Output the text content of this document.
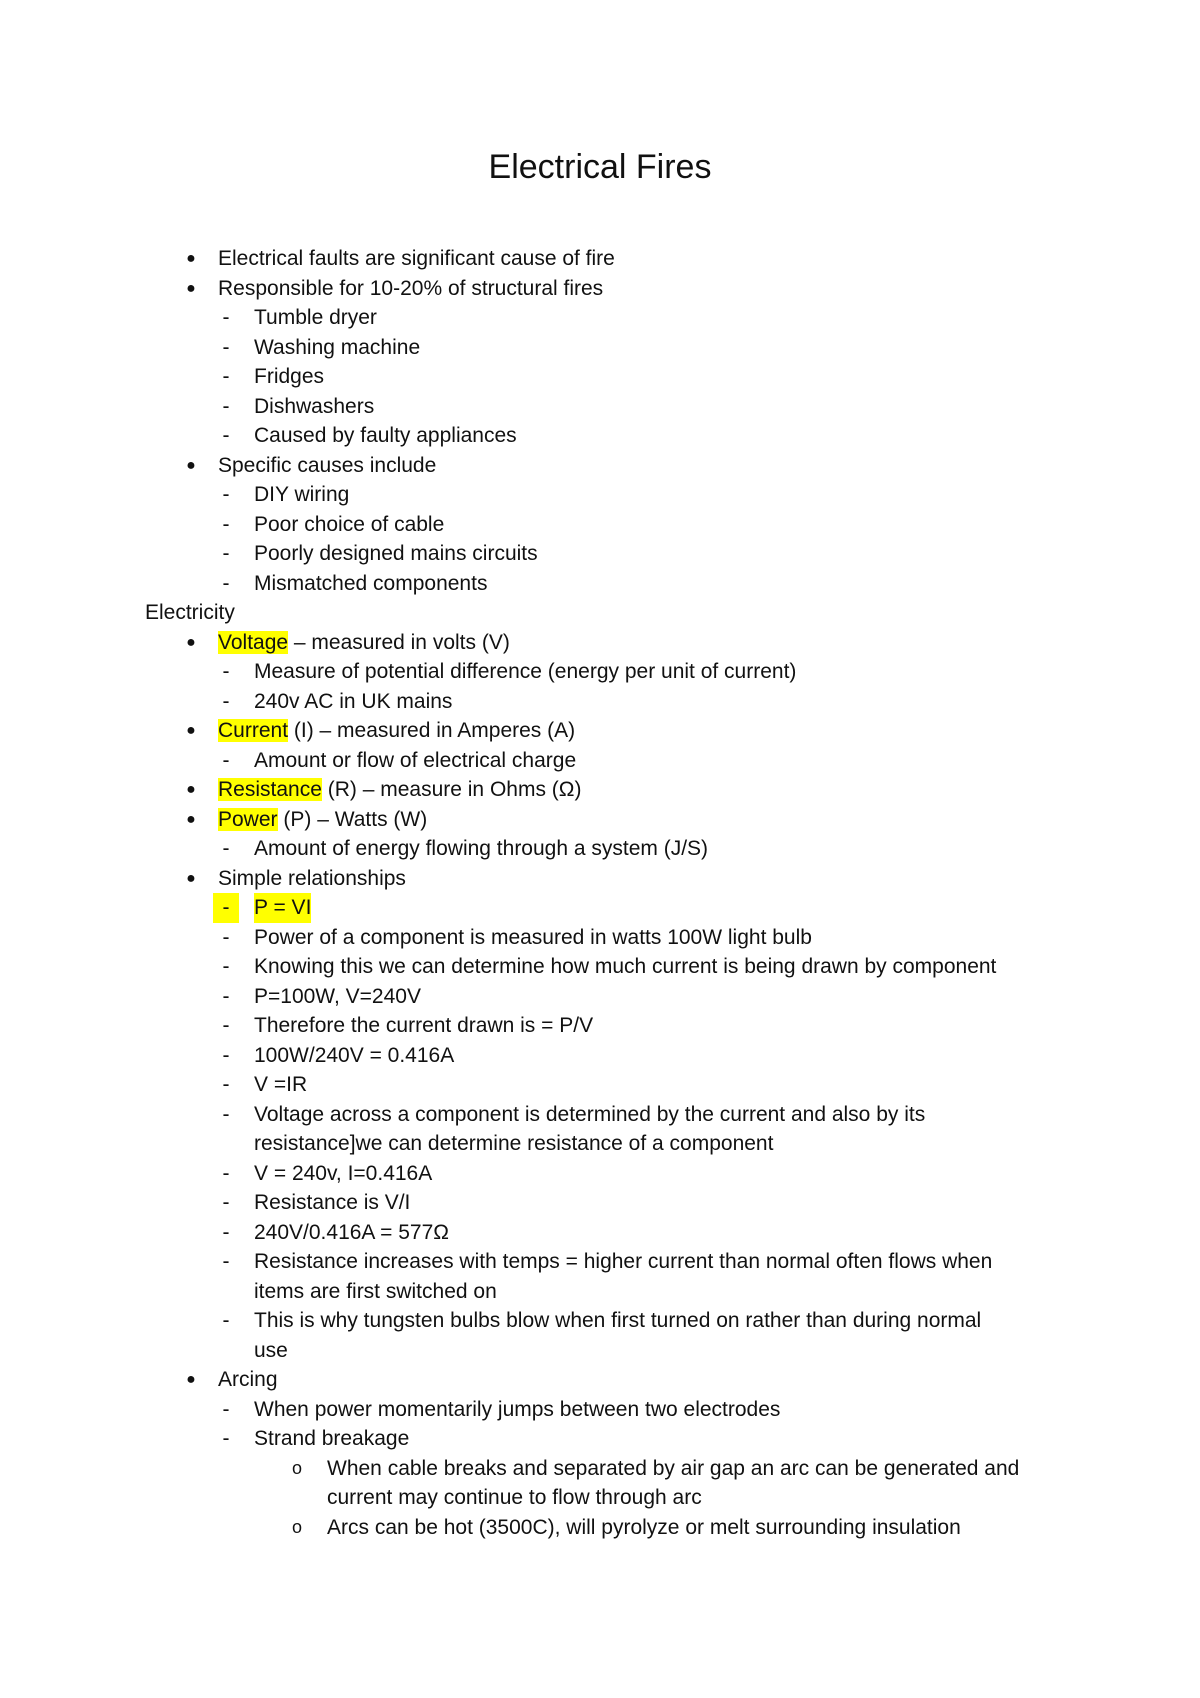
Electrical Fires
●	Electrical faults are significant cause of fire
●	Responsible for 10-20% of structural fires
-	Tumble dryer
-	Washing machine
-	Fridges
-	Dishwashers
-	Caused by faulty appliances
●	Specific causes include
-	DIY wiring
-	Poor choice of cable
-	Poorly designed mains circuits
-	Mismatched components
Electricity
●	Voltage – measured in volts (V)
-	Measure of potential difference (energy per unit of current)
-	240v AC in UK mains
●	Current (I) – measured in Amperes (A)
-	Amount or flow of electrical charge
●	Resistance (R) – measure in Ohms (Ω)
●	Power (P) – Watts (W)
-	Amount of energy flowing through a system (J/S)
●	Simple relationships
-	P = VI
-	Power of a component is measured in watts 100W light bulb
-	Knowing this we can determine how much current is being drawn by component
-	P=100W, V=240V
-	Therefore the current drawn is = P/V
-	100W/240V = 0.416A
-	V =IR
-	Voltage across a component is determined by the current and also by its
resistance]we can determine resistance of a component
-	V = 240v, I=0.416A
-	Resistance is V/I
-	240V/0.416A = 577Ω
-	Resistance increases with temps = higher current than normal often flows when
items are first switched on
-	This is why tungsten bulbs blow when first turned on rather than during normal
use
●	Arcing
-	When power momentarily jumps between two electrodes
-	Strand breakage
o	When cable breaks and separated by air gap an arc can be generated and
current may continue to flow through arc
o	Arcs can be hot (3500C), will pyrolyze or melt surrounding insulation
